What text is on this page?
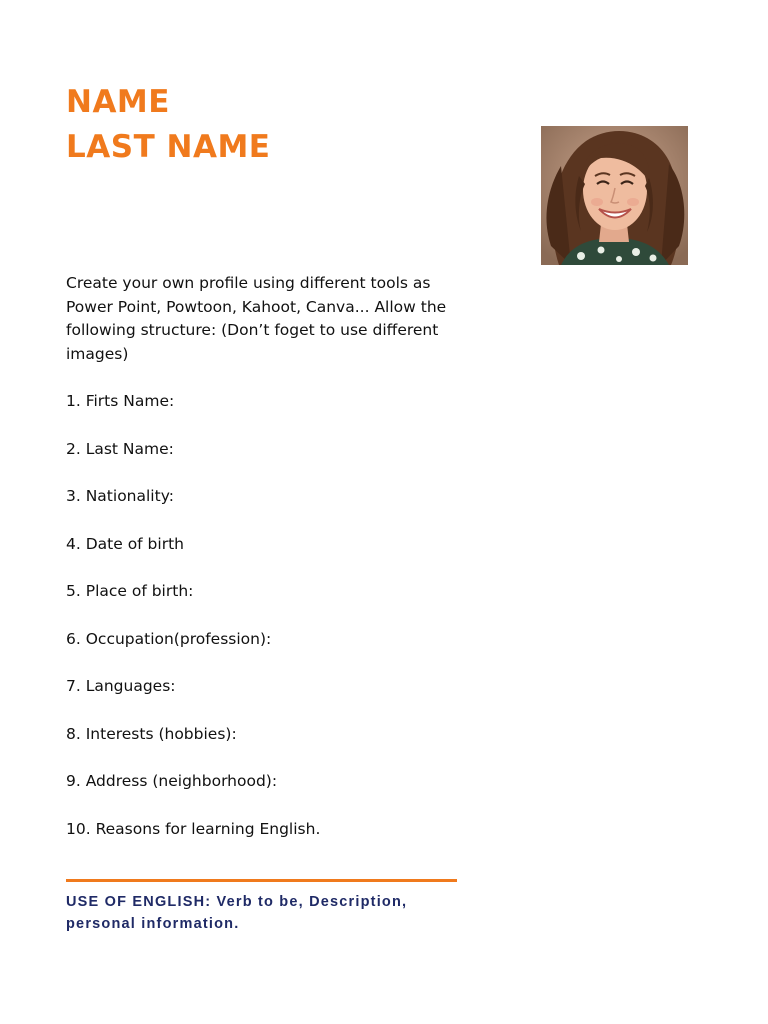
NAME
LAST NAME

Create your own profile using different tools as Power Point, Powtoon, Kahoot, Canva... Allow the following structure: (Don’t foget to use different images)

1. Firts Name:
2. Last Name:
3. Nationality:
4. Date of birth
5. Place of birth:
6. Occupation(profession):
7. Languages:
8. Interests (hobbies):
9. Address (neighborhood):
10. Reasons for learning English.

USE OF ENGLISH: Verb to be, Description, personal information.
